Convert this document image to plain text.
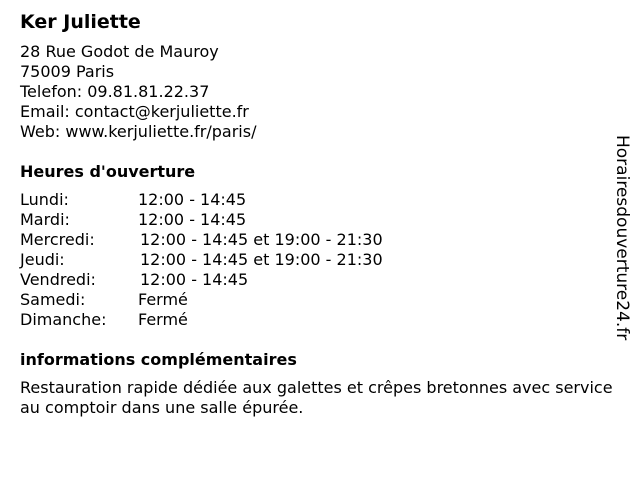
Ker Juliette
28 Rue Godot de Mauroy
75009 Paris
Telefon: 09.81.81.22.37
Email: contact@kerjuliette.fr
Web: www.kerjuliette.fr/paris/
Heures d'ouverture
Lundi:	12:00 - 14:45
Mardi:	12:00 - 14:45
Mercredi:	12:00 - 14:45 et 19:00 - 21:30
Jeudi:	12:00 - 14:45 et 19:00 - 21:30
Vendredi:	12:00 - 14:45
Samedi:	Fermé
Dimanche:	Fermé
informations complémentaires
Restauration rapide dédiée aux galettes et crêpes bretonnes avec service au comptoir dans une salle épurée.
Horairesdouverture24.fr
